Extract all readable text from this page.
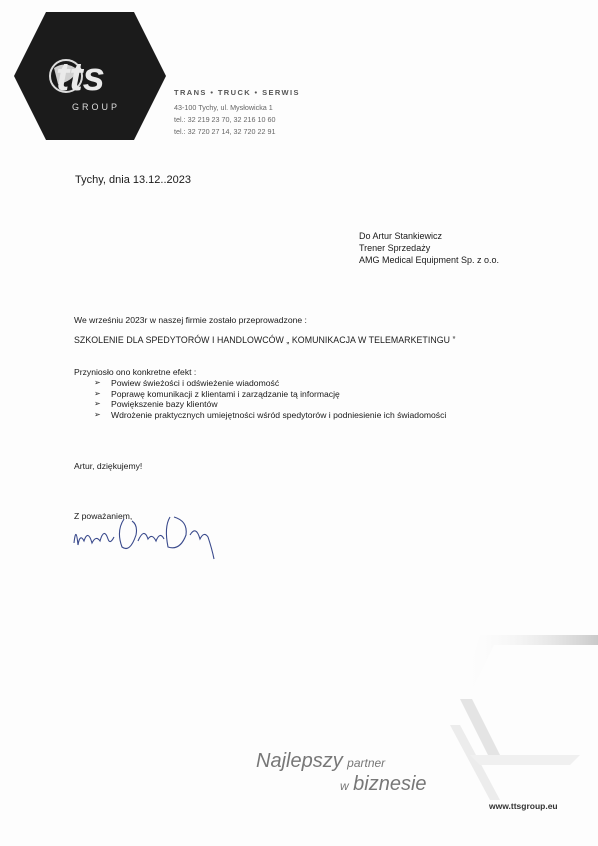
tts
GROUP
TRANS • TRUCK • SERWIS
43-100 Tychy, ul. Mysłowicka 1
tel.: 32 219 23 70, 32 216 10 60
tel.: 32 720 27 14, 32 720 22 91
Tychy, dnia 13.12..2023
Do Artur Stankiewicz
Trener Sprzedaży
AMG Medical Equipment Sp. z o.o.
We wrześniu 2023r w naszej firmie zostało przeprowadzone :
SZKOLENIE DLA SPEDYTORÓW I HANDLOWCÓW „ KOMUNIKACJA W TELEMARKETINGU ”
Przyniosło ono konkretne efekt :
➢	Powiew świeżości i odświeżenie wiadomość
➢	Poprawę komunikacji z klientami i zarządzanie tą informację
➢	Powiększenie bazy klientów
➢	Wdrożenie praktycznych umiejętności wśród spedytorów i podniesienie ich świadomości
Artur, dziękujemy!
Z poważaniem,
Najlepszy partner
w biznesie
www.ttsgroup.eu
